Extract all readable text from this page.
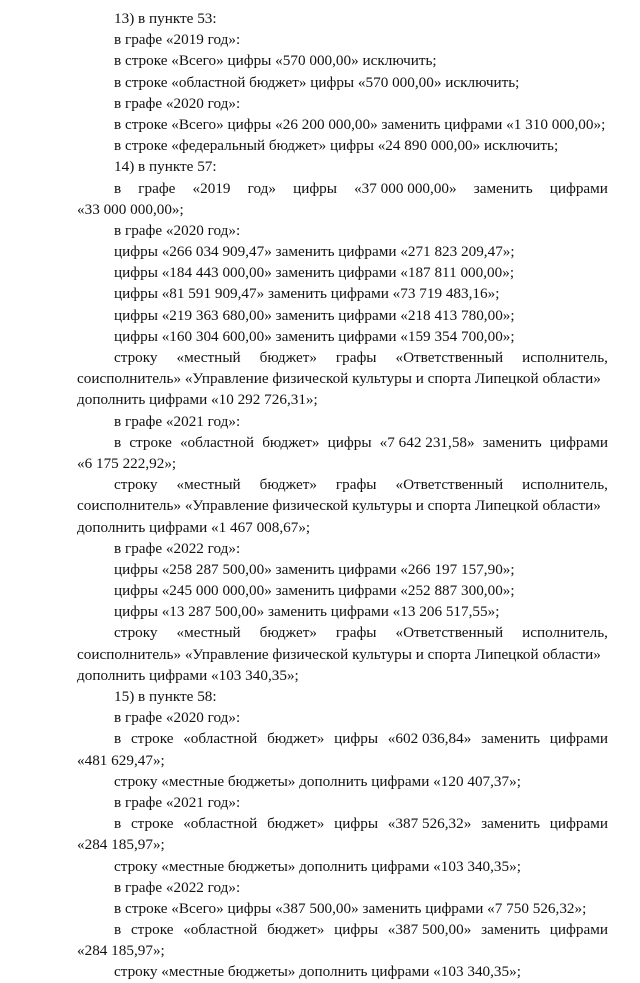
13) в пункте 53:
в графе «2019 год»:
в строке «Всего» цифры «570 000,00» исключить;
в строке «областной бюджет» цифры «570 000,00» исключить;
в графе «2020 год»:
в строке «Всего» цифры «26 200 000,00» заменить цифрами «1 310 000,00»;
в строке «федеральный бюджет» цифры «24 890 000,00» исключить;
14) в пункте 57:
в графе «2019 год» цифры «37 000 000,00» заменить цифрами
«33 000 000,00»;
в графе «2020 год»:
цифры «266 034 909,47» заменить цифрами «271 823 209,47»;
цифры «184 443 000,00» заменить цифрами «187 811 000,00»;
цифры «81 591 909,47» заменить цифрами «73 719 483,16»;
цифры «219 363 680,00» заменить цифрами «218 413 780,00»;
цифры «160 304 600,00» заменить цифрами «159 354 700,00»;
строку «местный бюджет» графы «Ответственный исполнитель,
соисполнитель» «Управление физической культуры и спорта Липецкой области»
дополнить цифрами «10 292 726,31»;
в графе «2021 год»:
в строке «областной бюджет» цифры «7 642 231,58» заменить цифрами
«6 175 222,92»;
строку «местный бюджет» графы «Ответственный исполнитель,
соисполнитель» «Управление физической культуры и спорта Липецкой области»
дополнить цифрами «1 467 008,67»;
в графе «2022 год»:
цифры «258 287 500,00» заменить цифрами «266 197 157,90»;
цифры «245 000 000,00» заменить цифрами «252 887 300,00»;
цифры «13 287 500,00» заменить цифрами «13 206 517,55»;
строку «местный бюджет» графы «Ответственный исполнитель,
соисполнитель» «Управление физической культуры и спорта Липецкой области»
дополнить цифрами «103 340,35»;
15) в пункте 58:
в графе «2020 год»:
в строке «областной бюджет» цифры «602 036,84» заменить цифрами
«481 629,47»;
строку «местные бюджеты» дополнить цифрами «120 407,37»;
в графе «2021 год»:
в строке «областной бюджет» цифры «387 526,32» заменить цифрами
«284 185,97»;
строку «местные бюджеты» дополнить цифрами «103 340,35»;
в графе «2022 год»:
в строке «Всего» цифры «387 500,00» заменить цифрами «7 750 526,32»;
в строке «областной бюджет» цифры «387 500,00» заменить цифрами
«284 185,97»;
строку «местные бюджеты» дополнить цифрами «103 340,35»;
